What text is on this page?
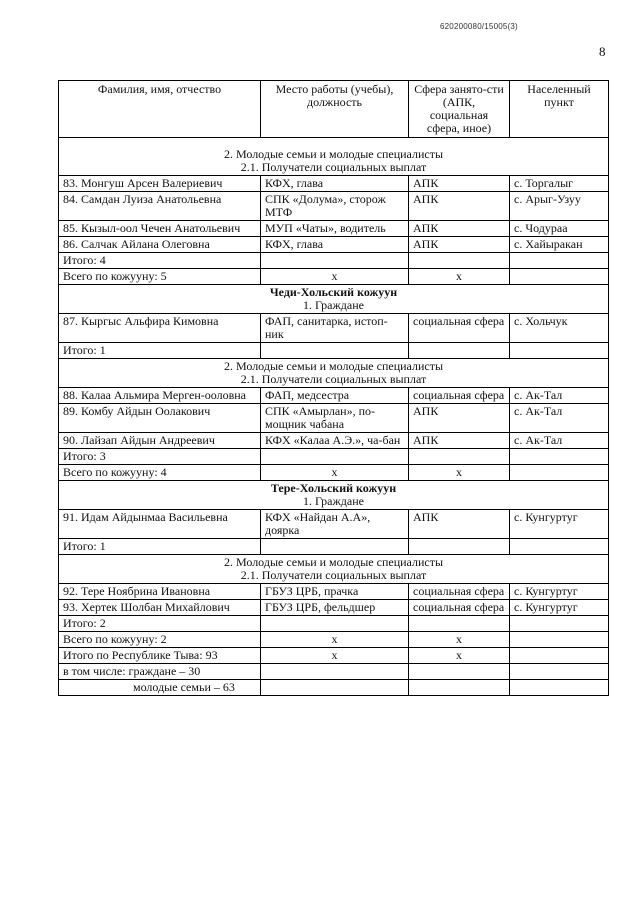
620200080/15005(3)
8
Фамилия, имя, отчество	Место работы (учебы), должность	Сфера занято-сти (АПК, социальная сфера, иное)	Населенный пункт

2. Молодые семьи и молодые специалисты
2.1. Получатели социальных выплат			

83. Монгуш Арсен Валериевич	КФХ, глава	АПК	с. Торгалыг
84. Самдан Луиза Анатольевна	СПК «Долума», сторож МТФ	АПК	с. Арыг-Узуу
85. Кызыл-оол Чечен Анатольевич	МУП «Чаты», водитель	АПК	с. Чодураа
86. Салчак Айлана Олеговна	КФХ, глава	АПК	с. Хайыракан
Итого: 4			
Всего по кожууну: 5	х	х	

Чеди-Хольский кожуун
1. Граждане			

87. Кыргыс Альфира Кимовна	ФАП, санитарка, истоп-ник	социальная сфера	с. Хольчук
Итого: 1			

2. Молодые семьи и молодые специалисты
2.1. Получатели социальных выплат			

88. Калаа Альмира Мерген-ооловна	ФАП, медсестра	социальная сфера	с. Ак-Тал
89. Комбу Айдын Оолакович	СПК «Амырлан», по-мощник чабана	АПК	с. Ак-Тал
90. Лайзап Айдын Андреевич	КФХ «Калаа А.Э.», ча-бан	АПК	с. Ак-Тал
Итого: 3			
Всего по кожууну: 4	х	х	

Тере-Хольский кожуун
1. Граждане			

91. Идам Айдынмаа Васильевна	КФХ «Найдан А.А», доярка	АПК	с. Кунгуртуг
Итого: 1			

2. Молодые семьи и молодые специалисты
2.1. Получатели социальных выплат			

92. Тере Ноябрина Ивановна	ГБУЗ ЦРБ, прачка	социальная сфера	с. Кунгуртуг
93. Хертек Шолбан Михайлович	ГБУЗ ЦРБ, фельдшер	социальная сфера	с. Кунгуртуг
Итого: 2			
Всего по кожууну: 2	х	х	
Итого по Республике Тыва: 93	х	х	
в том числе: граждане – 30			
молодые семьи – 63			
